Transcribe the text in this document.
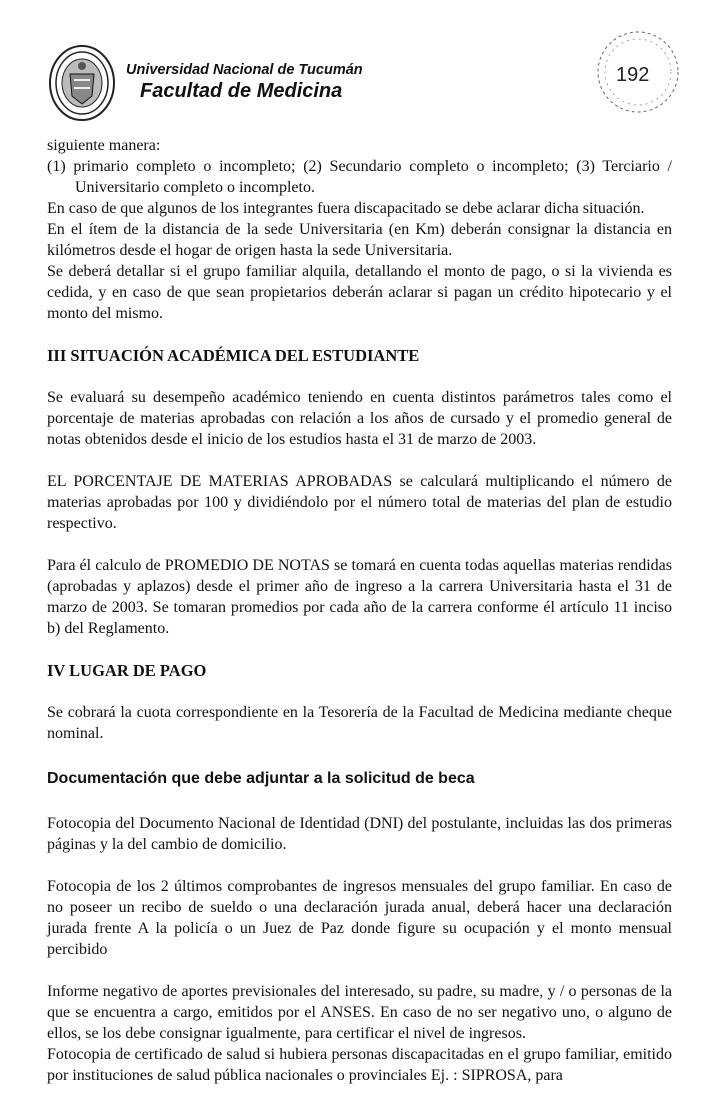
Universidad Nacional de Tucumán
Facultad de Medicina
192

siguiente manera:

(1) primario completo o incompleto; (2) Secundario completo o incompleto; (3) Terciario / Universitario completo o incompleto.

En caso de que algunos de los integrantes fuera discapacitado se debe aclarar dicha situación.

En el ítem de la distancia de la sede Universitaria (en Km) deberán consignar la distancia en kilómetros desde el hogar de origen hasta la sede Universitaria.

Se deberá detallar si el grupo familiar alquila, detallando el monto de pago, o si la vivienda es cedida, y en caso de que sean propietarios deberán aclarar si pagan un crédito hipotecario y el monto del mismo.

III SITUACIÓN ACADÉMICA DEL ESTUDIANTE

Se evaluará su desempeño académico teniendo en cuenta distintos parámetros tales como el porcentaje de materias aprobadas con relación a los años de cursado y el promedio general de notas obtenidos desde el inicio de los estudios hasta el 31 de marzo de 2003.

EL PORCENTAJE DE MATERIAS APROBADAS se calculará multiplicando el número de materias aprobadas por 100 y dividiéndolo por el número total de materias del plan de estudio respectivo.

Para él calculo de PROMEDIO DE NOTAS se tomará en cuenta todas aquellas materias rendidas (aprobadas y aplazos) desde el primer año de ingreso a la carrera Universitaria hasta el 31 de marzo de 2003. Se tomaran promedios por cada año de la carrera conforme él artículo 11 inciso b) del Reglamento.

IV LUGAR DE PAGO

Se cobrará la cuota correspondiente en la Tesorería de la Facultad de Medicina mediante cheque nominal.

Documentación que debe adjuntar a la solicitud de beca

Fotocopia del Documento Nacional de Identidad (DNI) del postulante, incluidas las dos primeras páginas y la del cambio de domicilio.

Fotocopia de los 2 últimos comprobantes de ingresos mensuales del grupo familiar. En caso de no poseer un recibo de sueldo o una declaración jurada anual, deberá hacer una declaración jurada frente A la policía o un Juez de Paz donde figure su ocupación y el monto mensual percibido

Informe negativo de aportes previsionales del interesado, su padre, su madre, y / o personas de la que se encuentra a cargo, emitidos por el ANSES. En caso de no ser negativo uno, o alguno de ellos, se los debe consignar igualmente, para certificar el nivel de ingresos.

Fotocopia de certificado de salud si hubiera personas discapacitadas en el grupo familiar, emitido por instituciones de salud pública nacionales o provinciales Ej. : SIPROSA, para
